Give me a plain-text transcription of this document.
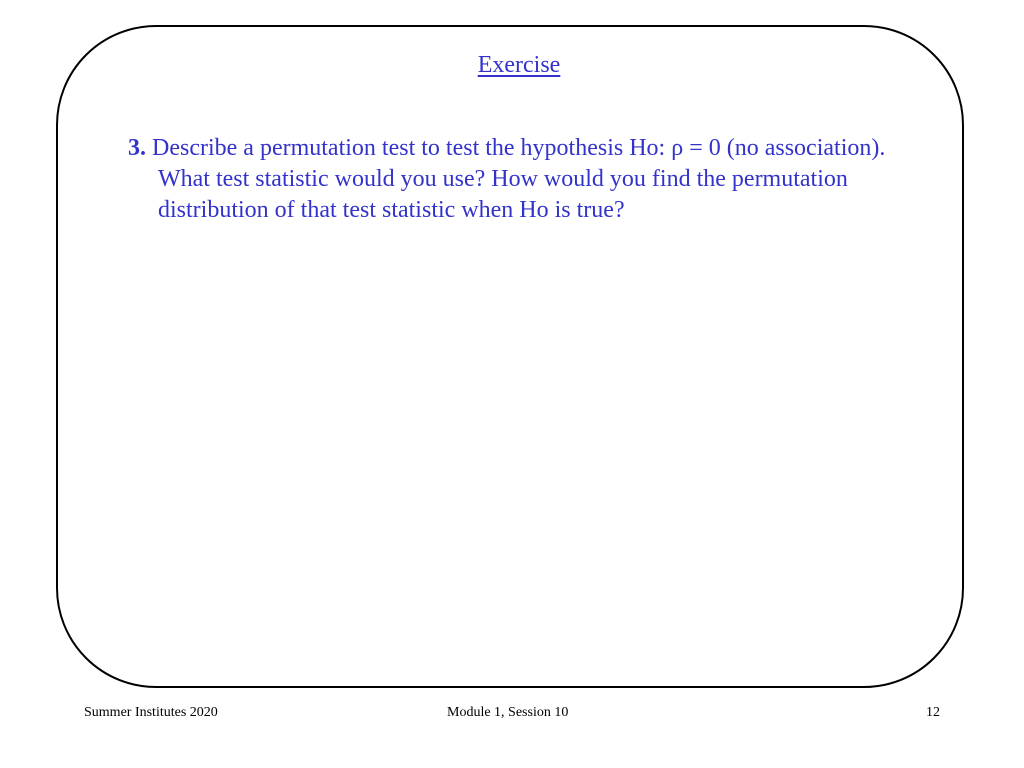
Exercise
3. Describe a permutation test to test the hypothesis Ho: ρ = 0 (no association). What test statistic would you use? How would you find the permutation distribution of that test statistic when Ho is true?
Summer Institutes 2020	Module 1, Session 10	12
